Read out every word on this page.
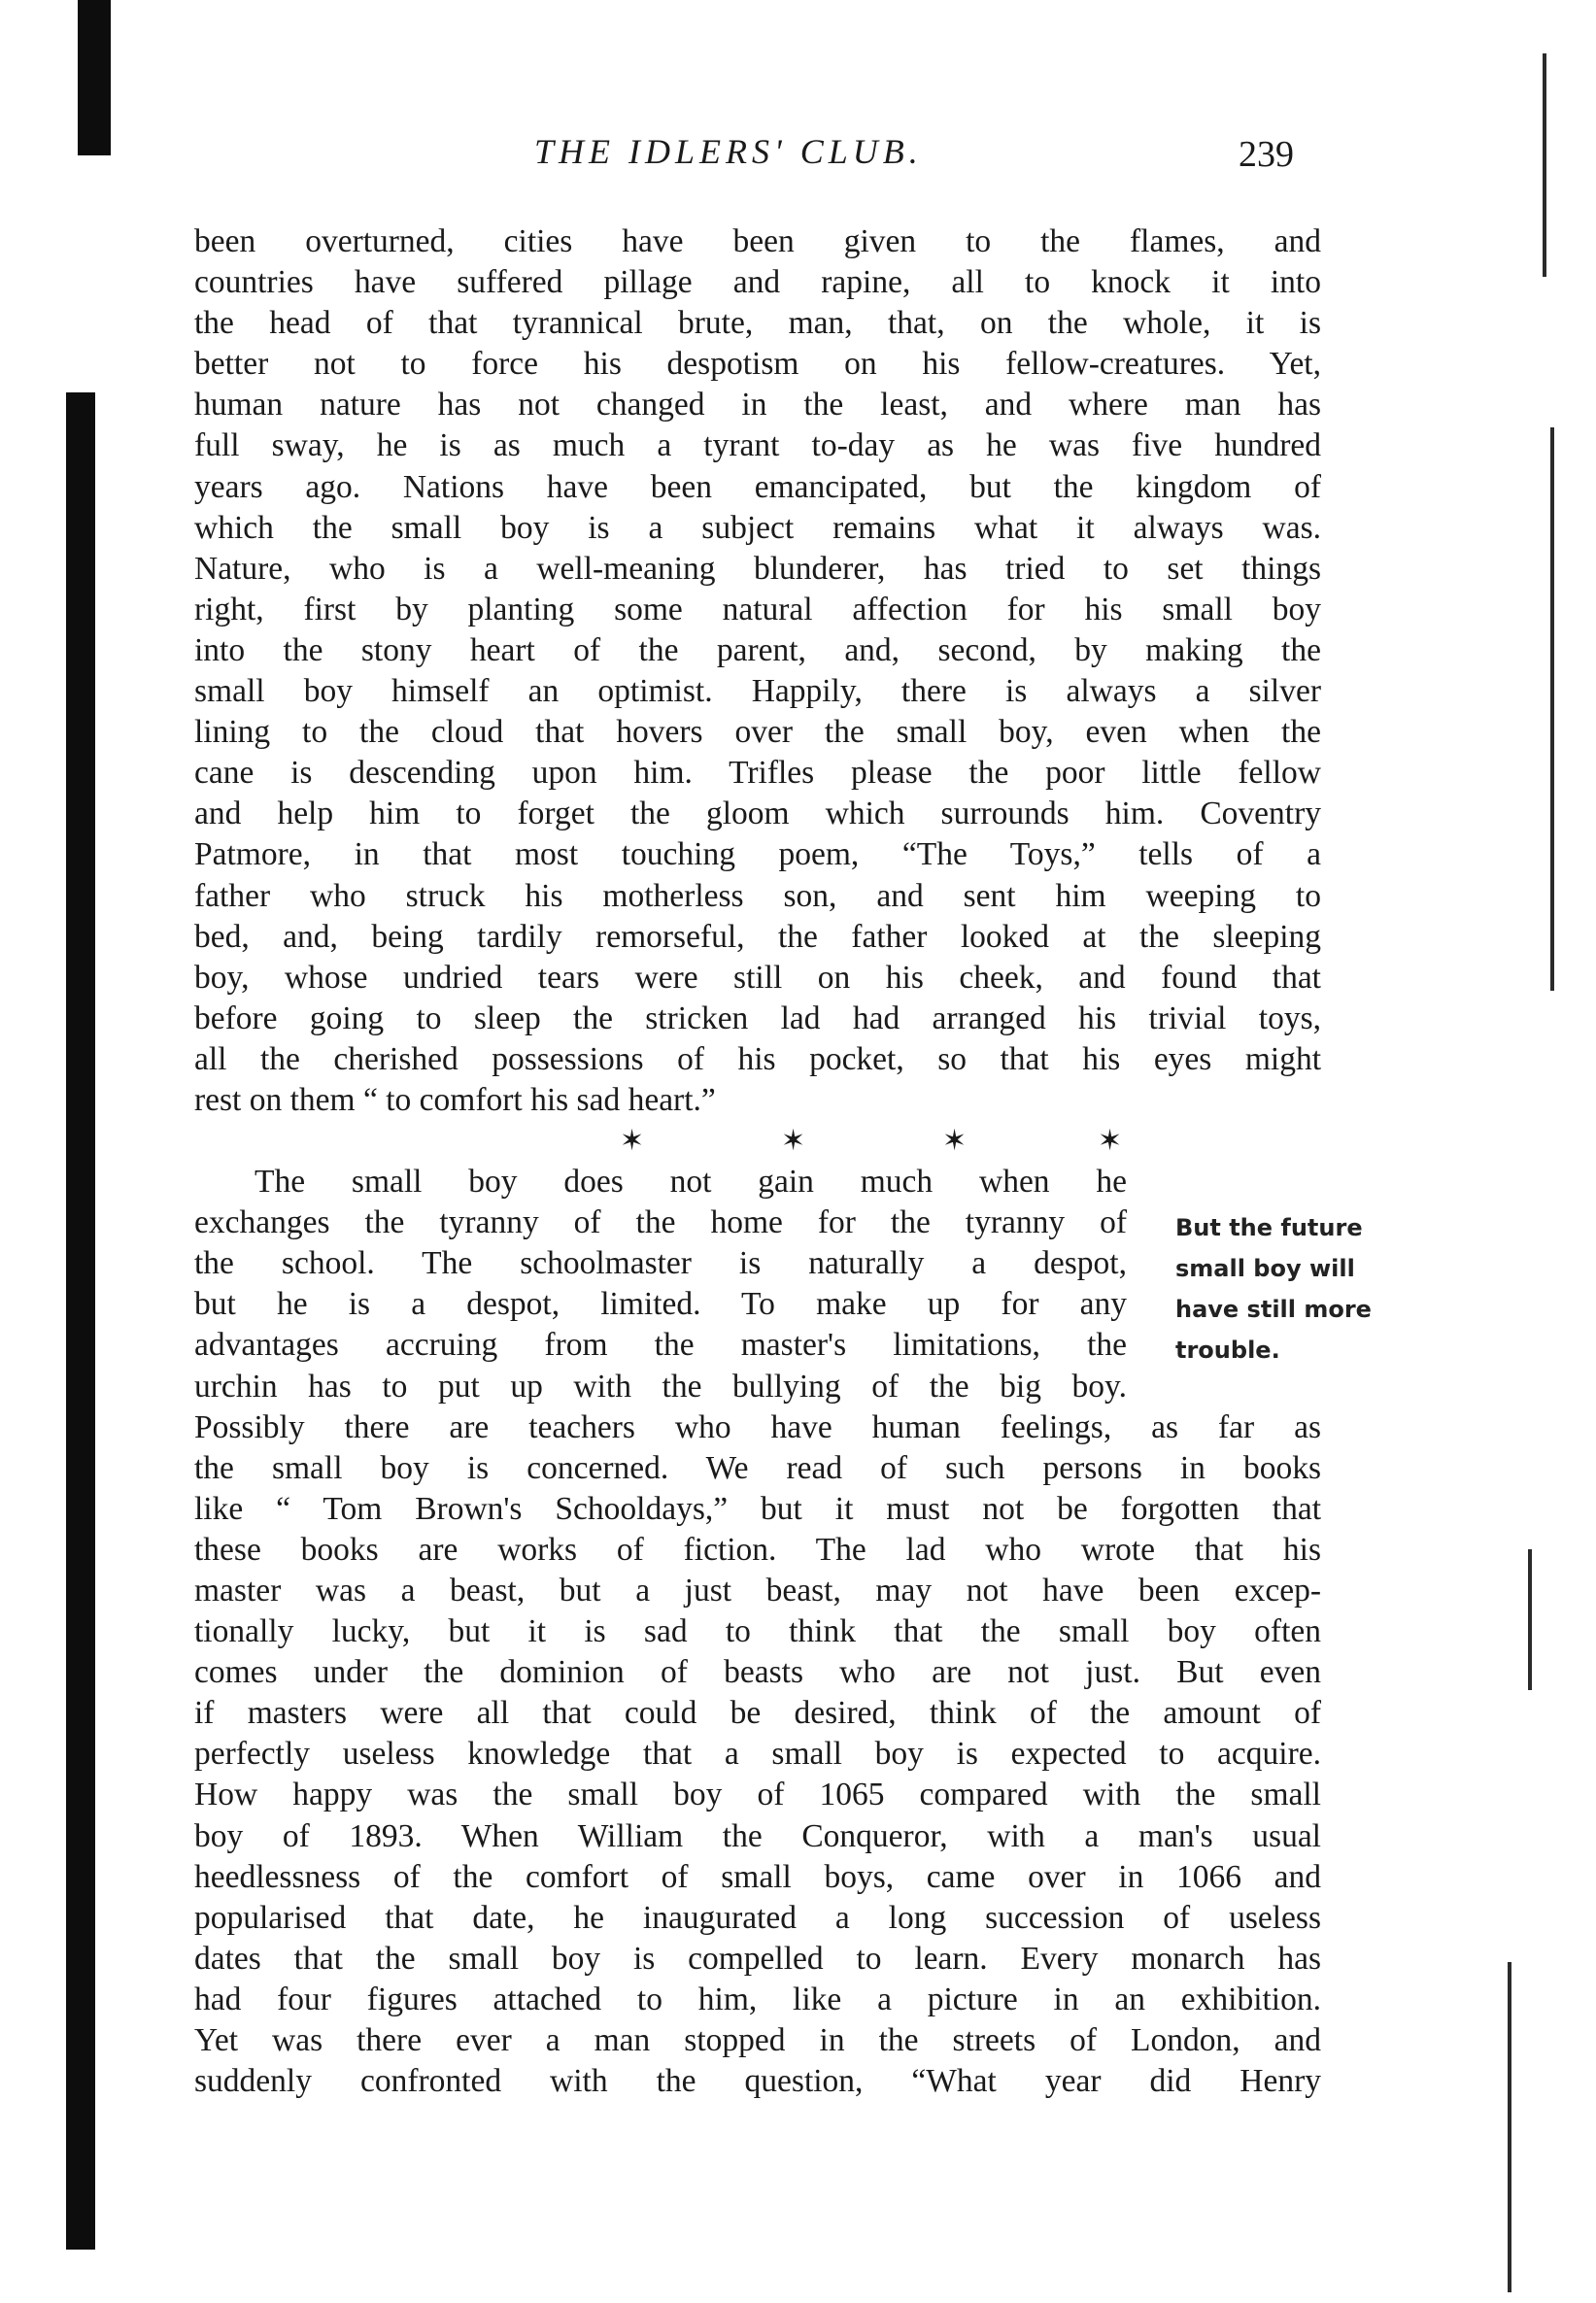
THE IDLERS' CLUB.	239
been overturned, cities have been given to the flames, and
countries have suffered pillage and rapine, all to knock it into
the head of that tyrannical brute, man, that, on the whole, it is
better not to force his despotism on his fellow-creatures. Yet,
human nature has not changed in the least, and where man has
full sway, he is as much a tyrant to-day as he was five hundred
years ago. Nations have been emancipated, but the kingdom of
which the small boy is a subject remains what it always was.
Nature, who is a well-meaning blunderer, has tried to set things
right, first by planting some natural affection for his small boy
into the stony heart of the parent, and, second, by making the
small boy himself an optimist. Happily, there is always a silver
lining to the cloud that hovers over the small boy, even when the
cane is descending upon him. Trifles please the poor little fellow
and help him to forget the gloom which surrounds him. Coventry
Patmore, in that most touching poem, “The Toys,” tells of a
father who struck his motherless son, and sent him weeping to
bed, and, being tardily remorseful, the father looked at the sleeping
boy, whose undried tears were still on his cheek, and found that
before going to sleep the stricken lad had arranged his trivial toys,
all the cherished possessions of his pocket, so that his eyes might
rest on them “ to comfort his sad heart.”
✶	✶	✶	✶
The small boy does not gain much when he
exchanges the tyranny of the home for the tyranny of
the school. The schoolmaster is naturally a despot,
but he is a despot, limited. To make up for any
advantages accruing from the master's limitations, the
urchin has to put up with the bullying of the big boy.
Possibly there are teachers who have human feelings, as far as
the small boy is concerned. We read of such persons in books
like “ Tom Brown's Schooldays,” but it must not be forgotten that
these books are works of fiction. The lad who wrote that his
master was a beast, but a just beast, may not have been excep-
tionally lucky, but it is sad to think that the small boy often
comes under the dominion of beasts who are not just. But even
if masters were all that could be desired, think of the amount of
perfectly useless knowledge that a small boy is expected to acquire.
How happy was the small boy of 1065 compared with the small
boy of 1893. When William the Conqueror, with a man's usual
heedlessness of the comfort of small boys, came over in 1066 and
popularised that date, he inaugurated a long succession of useless
dates that the small boy is compelled to learn. Every monarch has
had four figures attached to him, like a picture in an exhibition.
Yet was there ever a man stopped in the streets of London, and
suddenly confronted with the question, “What year did Henry
But the future
small boy will
have still more
trouble.
